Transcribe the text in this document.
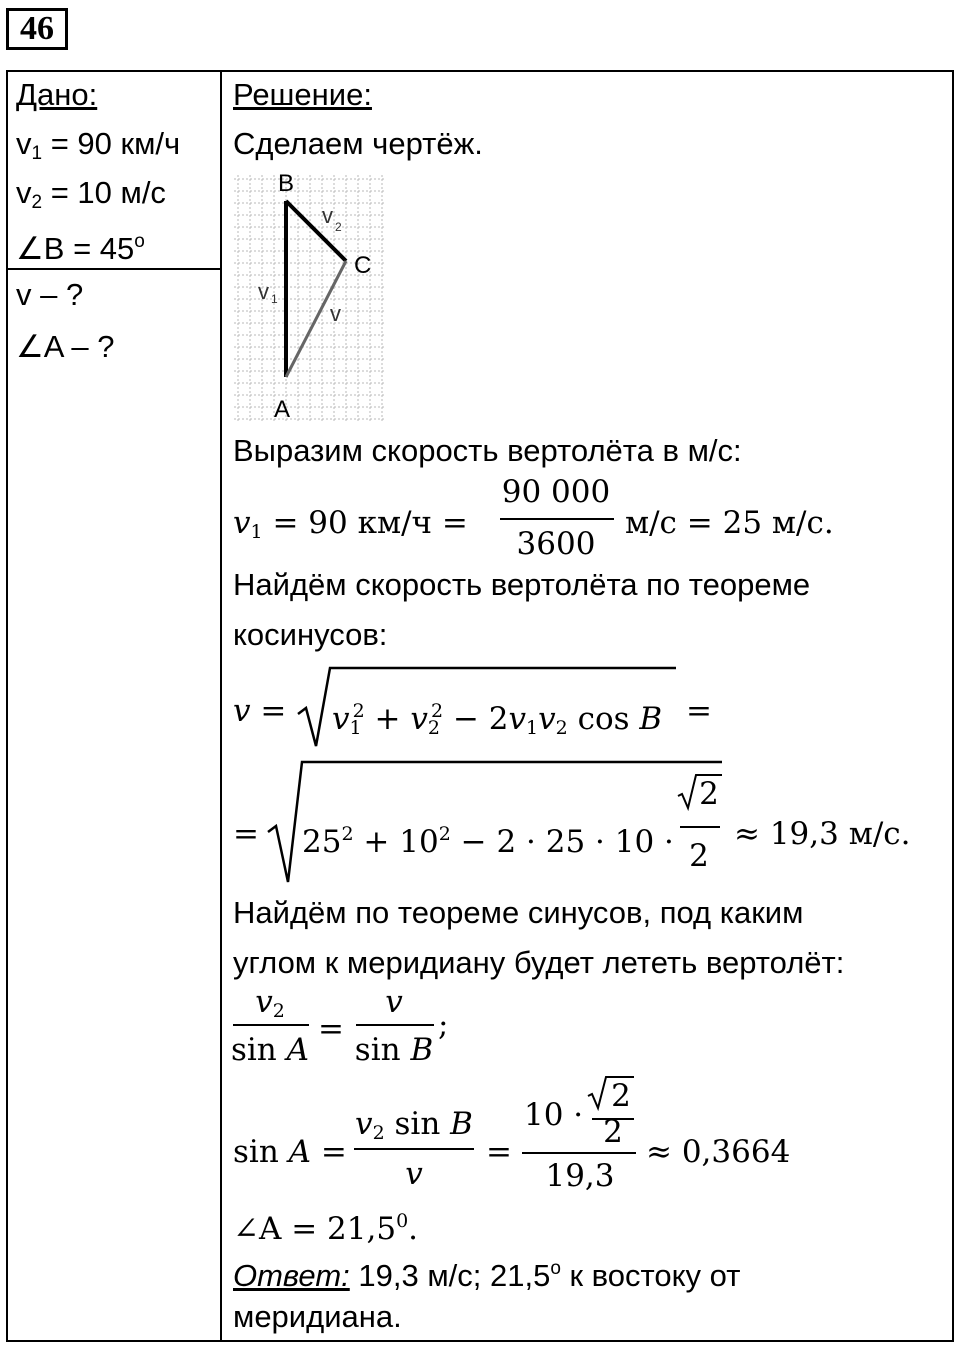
46
Дано:
$v_1 = 90$ км/ч
$v_2 = 10$ м/с
∠B = $45^o$
v – ?
∠A – ?
Решение:
Сделаем чертёж.
B
C
A
v 1
v 2
v
Выразим скорость вертолёта в м/с:
$v_1 = 90$ км/ч =
90 000
3600
м/с = 25 м/с.
Найдём скорость вертолёта по теореме
косинусов:
$v = v_1^2 + v_2^2 - 2v_1v_2$ cos B =
= $25^2 + 10^2 - 2 \cdot 25 \cdot 10$ ·
2
2
≈ 19,3 м/с.
Найдём по теореме синусов, под каким
углом к меридиану будет лететь вертолёт:
$v_2$
sin A
=
v
sin B
;
sin A =
$v_2$ sin B
v
=
10 ·
2
2
19,3
≈ 0,3664
∠A = $21,5^0$.
Ответ: 19,3 м/с; 21,5$^o$ к востоку от
меридиана.
